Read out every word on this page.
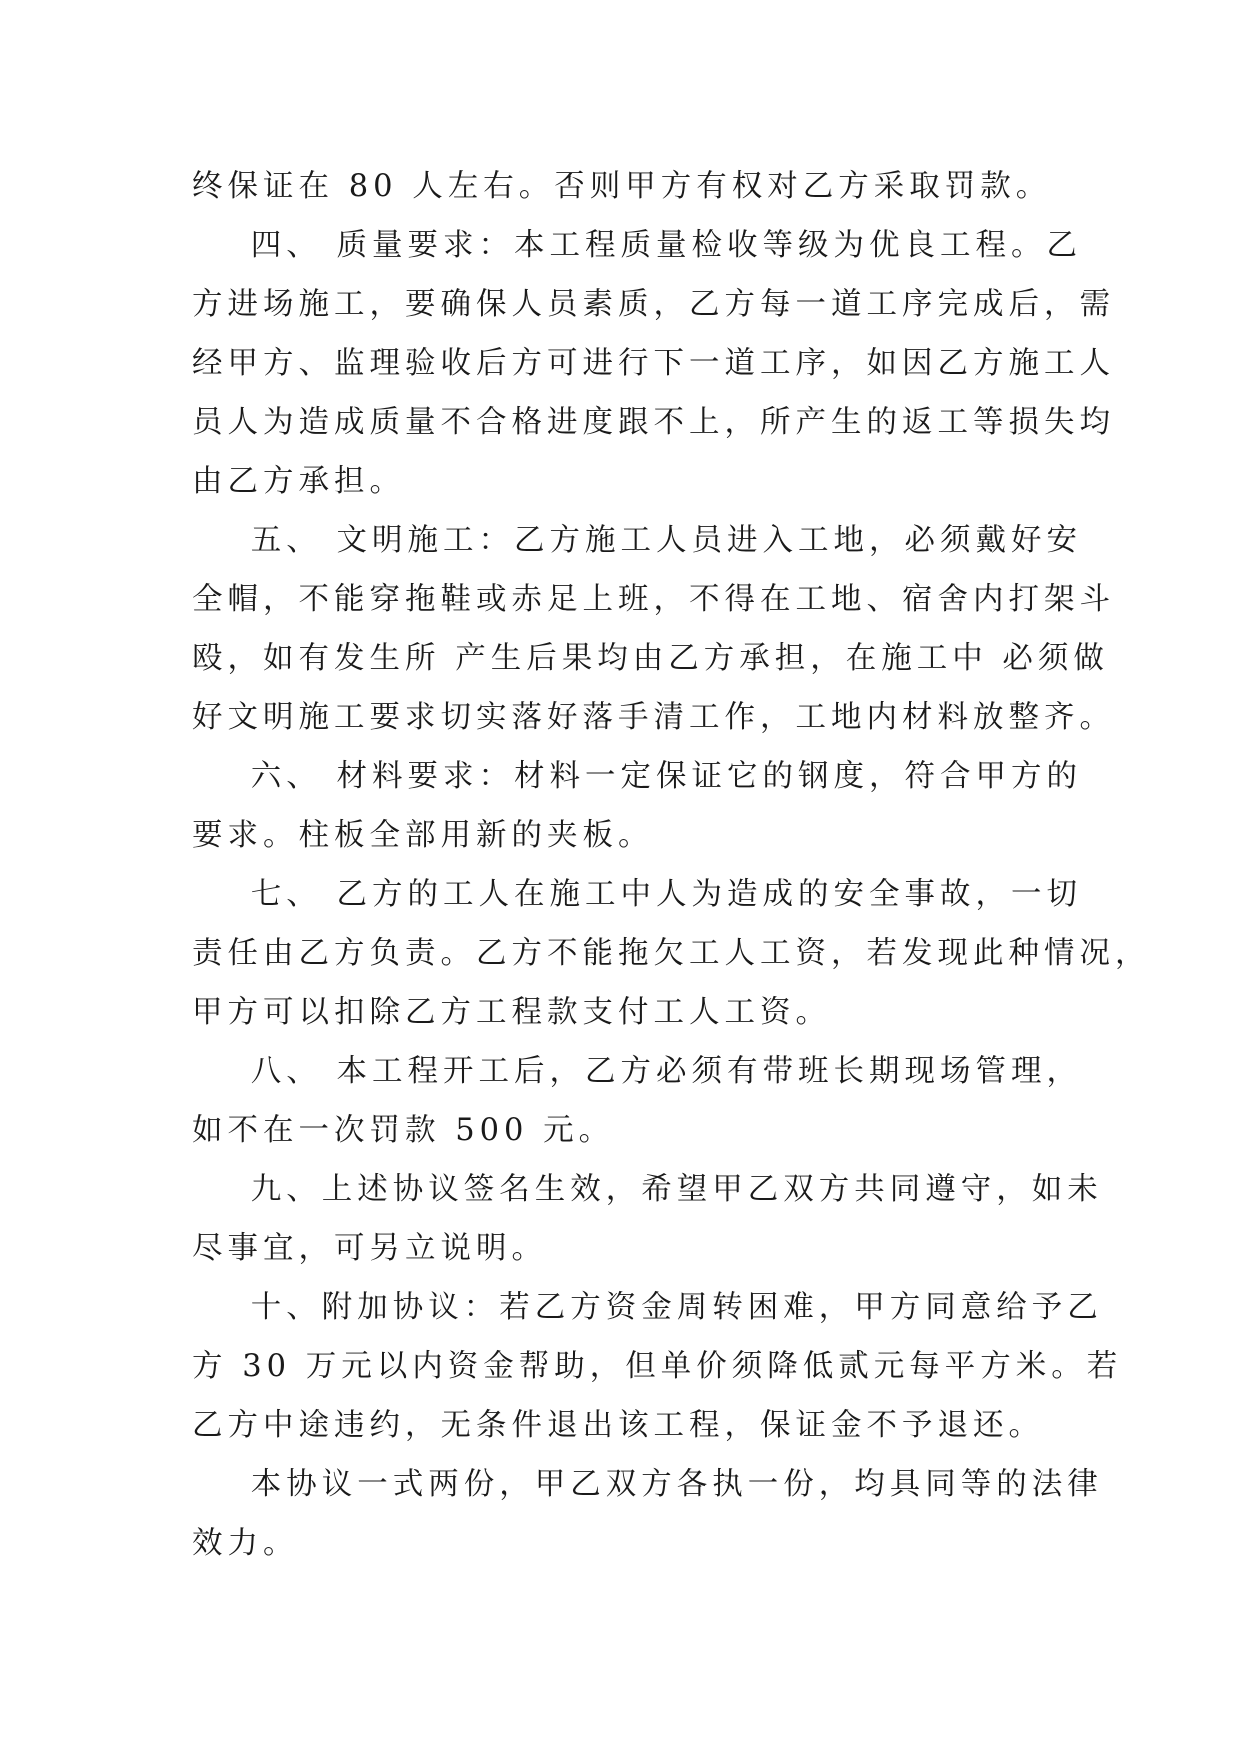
终保证在 80 人左右。否则甲方有权对乙方采取罚款。
四、 质量要求：本工程质量检收等级为优良工程。乙
方进场施工，要确保人员素质，乙方每一道工序完成后，需
经甲方、监理验收后方可进行下一道工序，如因乙方施工人
员人为造成质量不合格进度跟不上，所产生的返工等损失均
由乙方承担。
五、 文明施工：乙方施工人员进入工地，必须戴好安
全帽，不能穿拖鞋或赤足上班，不得在工地、宿舍内打架斗
殴，如有发生所 产生后果均由乙方承担，在施工中 必须做
好文明施工要求切实落好落手清工作，工地内材料放整齐。
六、 材料要求：材料一定保证它的钢度，符合甲方的
要求。柱板全部用新的夹板。
七、 乙方的工人在施工中人为造成的安全事故，一切
责任由乙方负责。乙方不能拖欠工人工资，若发现此种情况，
甲方可以扣除乙方工程款支付工人工资。
八、 本工程开工后，乙方必须有带班长期现场管理，
如不在一次罚款 500 元。
九、上述协议签名生效，希望甲乙双方共同遵守，如未
尽事宜，可另立说明。
十、附加协议：若乙方资金周转困难，甲方同意给予乙
方 30 万元以内资金帮助，但单价须降低贰元每平方米。若
乙方中途违约，无条件退出该工程，保证金不予退还。
本协议一式两份，甲乙双方各执一份，均具同等的法律
效力。
